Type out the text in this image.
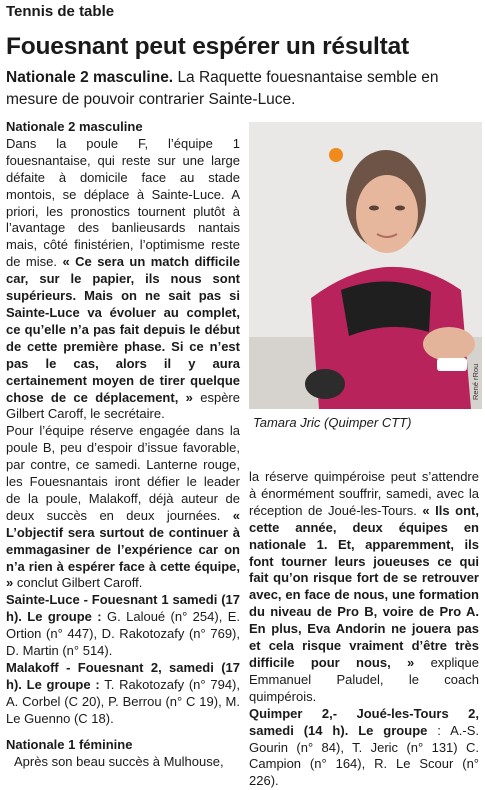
Tennis de table
Fouesnant peut espérer un résultat
Nationale 2 masculine. La Raquette fouesnantaise semble en mesure de pouvoir contrarier Sainte-Luce.

Nationale 2 masculine

Dans la poule F, l’équipe 1 fouesnantaise, qui reste sur une large défaite à domicile face au stade montois, se déplace à Sainte-Luce. A priori, les pronostics tournent plutôt à l’avantage des banlieusards nantais mais, côté finistérien, l’optimisme reste de mise. « Ce sera un match difficile car, sur le papier, ils nous sont supérieurs. Mais on ne sait pas si Sainte-Luce va évoluer au complet, ce qu’elle n’a pas fait depuis le début de cette première phase. Si ce n’est pas le cas, alors il y aura certainement moyen de tirer quelque chose de ce déplacement, » espère Gilbert Caroff, le secrétaire.

Pour l’équipe réserve engagée dans la poule B, peu d’espoir d’issue favorable, par contre, ce samedi. Lanterne rouge, les Fouesnantais iront défier le leader de la poule, Malakoff, déjà auteur de deux succès en deux journées. « L’objectif sera surtout de continuer à emmagasiner de l’expérience car on n’a rien à espérer face à cette équipe, » conclut Gilbert Caroff.

Sainte-Luce - Fouesnant 1 samedi (17 h). Le groupe : G. Laloué (n° 254), E. Ortion (n° 447), D. Rakotozafy (n° 769), D. Martin (n° 514).

Malakoff - Fouesnant 2, samedi (17 h). Le groupe : T. Rakotozafy (n° 794), A. Corbel (C 20), P. Berrou (n° C 19), M. Le Guenno (C 18).

Nationale 1 féminine

Après son beau succès à Mulhouse,

René rRou
Tamara Jric (Quimper CTT)

la réserve quimpéroise peut s’attendre à énormément souffrir, samedi, avec la réception de Joué-les-Tours. « Ils ont, cette année, deux équipes en nationale 1. Et, apparemment, ils font tourner leurs joueuses ce qui fait qu’on risque fort de se retrouver avec, en face de nous, une formation du niveau de Pro B, voire de Pro A. En plus, Eva Andorin ne jouera pas et cela risque vraiment d’être très difficile pour nous, » explique Emmanuel Paludel, le coach quimpérois.

Quimper 2,- Joué-les-Tours 2, samedi (14 h). Le groupe : A.-S. Gourin (n° 84), T. Jeric (n° 131) C. Campion (n° 164), R. Le Scour (n° 226).
